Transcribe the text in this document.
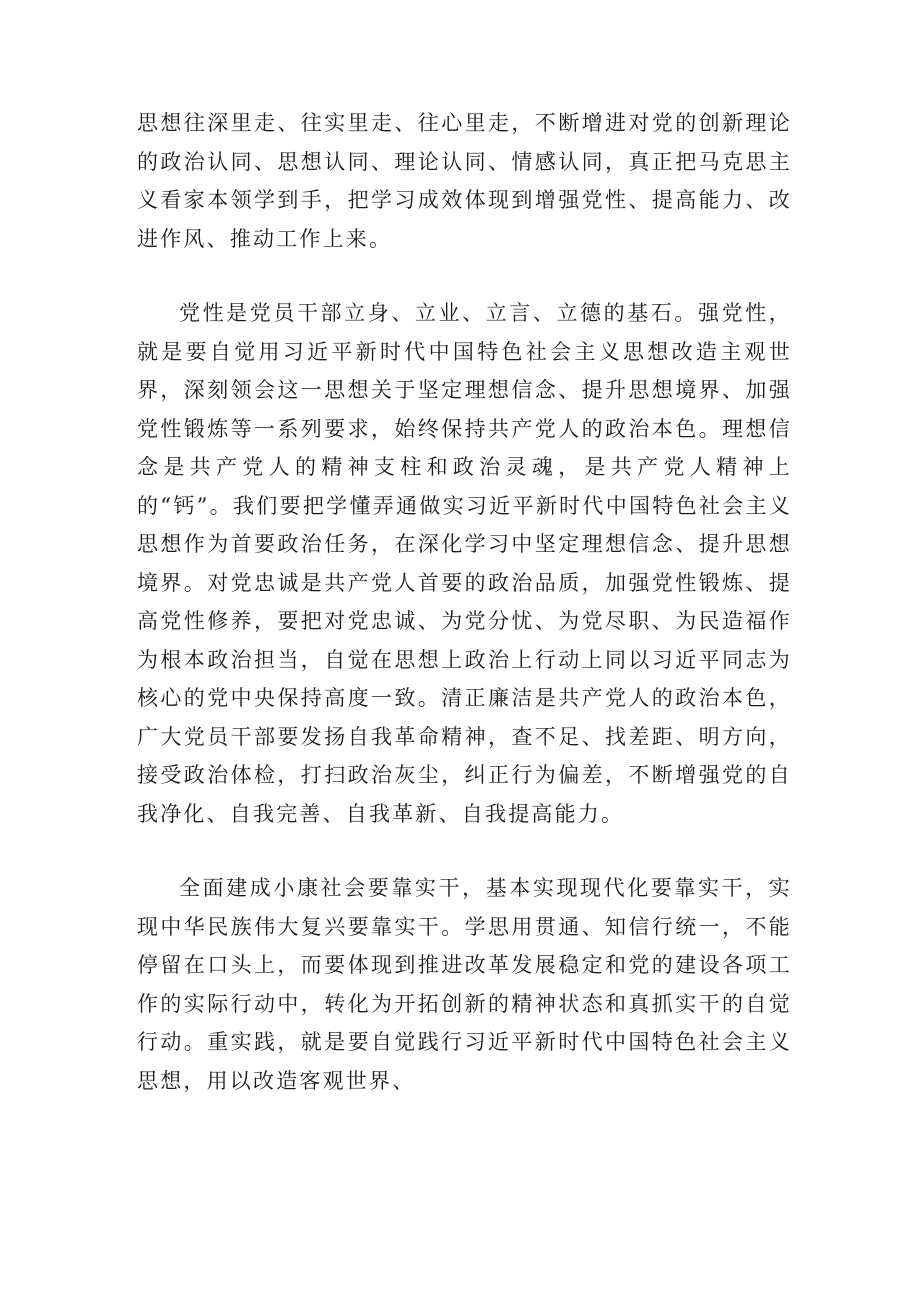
思想往深里走、往实里走、往心里走，不断增进对党的创新理论的政治认同、思想认同、理论认同、情感认同，真正把马克思主义看家本领学到手，把学习成效体现到增强党性、提高能力、改进作风、推动工作上来。

党性是党员干部立身、立业、立言、立德的基石。强党性，就是要自觉用习近平新时代中国特色社会主义思想改造主观世界，深刻领会这一思想关于坚定理想信念、提升思想境界、加强党性锻炼等一系列要求，始终保持共产党人的政治本色。理想信念是共产党人的精神支柱和政治灵魂，是共产党人精神上的“钙”。我们要把学懂弄通做实习近平新时代中国特色社会主义思想作为首要政治任务，在深化学习中坚定理想信念、提升思想境界。对党忠诚是共产党人首要的政治品质，加强党性锻炼、提高党性修养，要把对党忠诚、为党分忧、为党尽职、为民造福作为根本政治担当，自觉在思想上政治上行动上同以习近平同志为核心的党中央保持高度一致。清正廉洁是共产党人的政治本色，广大党员干部要发扬自我革命精神，查不足、找差距、明方向，接受政治体检，打扫政治灰尘，纠正行为偏差，不断增强党的自我净化、自我完善、自我革新、自我提高能力。

全面建成小康社会要靠实干，基本实现现代化要靠实干，实现中华民族伟大复兴要靠实干。学思用贯通、知信行统一，不能停留在口头上，而要体现到推进改革发展稳定和党的建设各项工作的实际行动中，转化为开拓创新的精神状态和真抓实干的自觉行动。重实践，就是要自觉践行习近平新时代中国特色社会主义思想，用以改造客观世界、
